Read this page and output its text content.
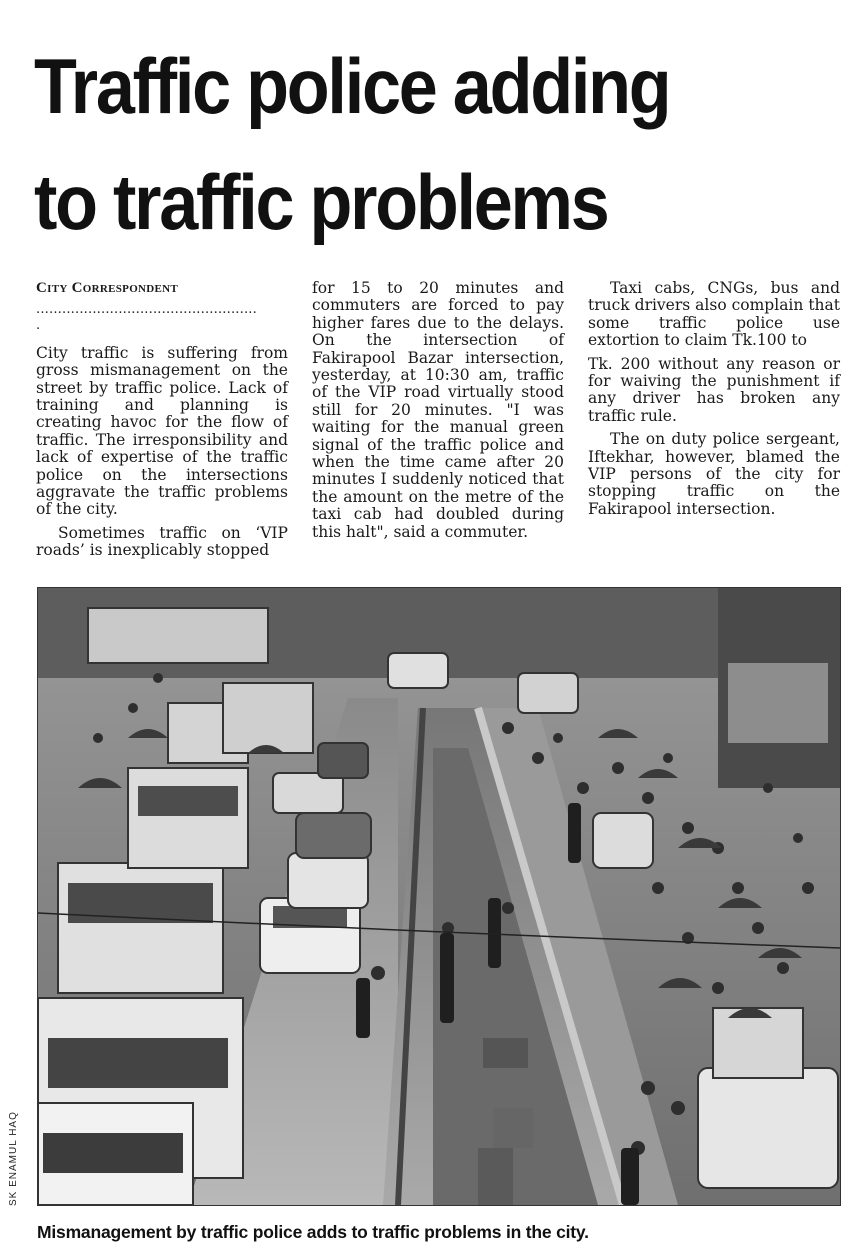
Traffic police adding
to traffic problems
City Correspondent
...................................................
.

City traffic is suffering from gross mismanagement on the street by traffic police. Lack of training and planning is creating havoc for the flow of traffic. The irresponsibility and lack of expertise of the traffic police on the intersections aggravate the traffic problems of the city.

Sometimes traffic on ‘VIP roads’ is inexplicably stopped

for 15 to 20 minutes and commuters are forced to pay higher fares due to the delays. On the intersection of Fakirapool Bazar intersection, yesterday, at 10:30 am, traffic of the VIP road virtually stood still for 20 minutes. "I was waiting for the manual green signal of the traffic police and when the time came after 20 minutes I suddenly noticed that the amount on the metre of the taxi cab had doubled during this halt", said a commuter.

Taxi cabs, CNGs, bus and truck drivers also complain that some traffic police use extortion to claim Tk.100 to

Tk. 200 without any reason or for waiving the punishment if any driver has broken any traffic rule.

The on duty police sergeant, Iftekhar, however, blamed the VIP persons of the city for stopping traffic on the Fakirapool intersection.

SK ENAMUL HAQ
Mismanagement by traffic police adds to traffic problems in the city.
